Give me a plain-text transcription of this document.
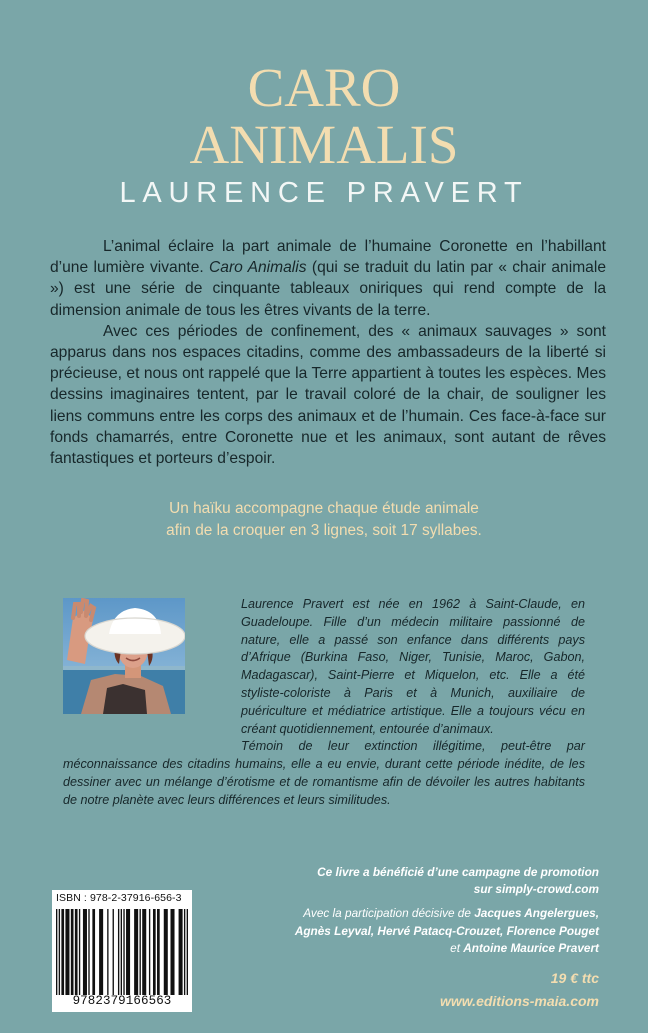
CARO
ANIMALIS
LAURENCE PRAVERT

L’animal éclaire la part animale de l’humaine Coronette en l’habillant d’une lumière vivante. Caro Animalis (qui se traduit du latin par « chair animale ») est une série de cinquante tableaux oniriques qui rend compte de la dimension animale de tous les êtres vivants de la terre.

Avec ces périodes de confinement, des « animaux sauvages » sont apparus dans nos espaces citadins, comme des ambassadeurs de la liberté si précieuse, et nous ont rappelé que la Terre appartient à toutes les espèces. Mes dessins imaginaires tentent, par le travail coloré de la chair, de souligner les liens communs entre les corps des animaux et de l’humain. Ces face-à-face sur fonds chamarrés, entre Coronette nue et les animaux, sont autant de rêves fantastiques et porteurs d’espoir.

Un haïku accompagne chaque étude animale
afin de la croquer en 3 lignes, soit 17 syllabes.

Laurence Pravert est née en 1962 à Saint-Claude, en Guadeloupe. Fille d’un médecin militaire passionné de nature, elle a passé son enfance dans différents pays d’Afrique (Burkina Faso, Niger, Tunisie, Maroc, Gabon, Madagascar), Saint-Pierre et Miquelon, etc. Elle a été styliste-coloriste à Paris et à Munich, auxiliaire de puériculture et médiatrice artistique. Elle a toujours vécu en créant quotidiennement, entourée d’animaux.

Témoin de leur extinction illégitime, peut-être par méconnaissance des citadins humains, elle a eu envie, durant cette période inédite, de les dessiner avec un mélange d’érotisme et de romantisme afin de dévoiler les autres habitants de notre planète avec leurs différences et leurs similitudes.

Ce livre a bénéficié d’une campagne de promotion
sur simply-crowd.com
Avec la participation décisive de Jacques Angelergues,
Agnès Leyval, Hervé Patacq-Crouzet, Florence Pouget
et Antoine Maurice Pravert
19 € ttc
www.editions-maia.com
ISBN : 978-2-37916-656-3
9782379166563
